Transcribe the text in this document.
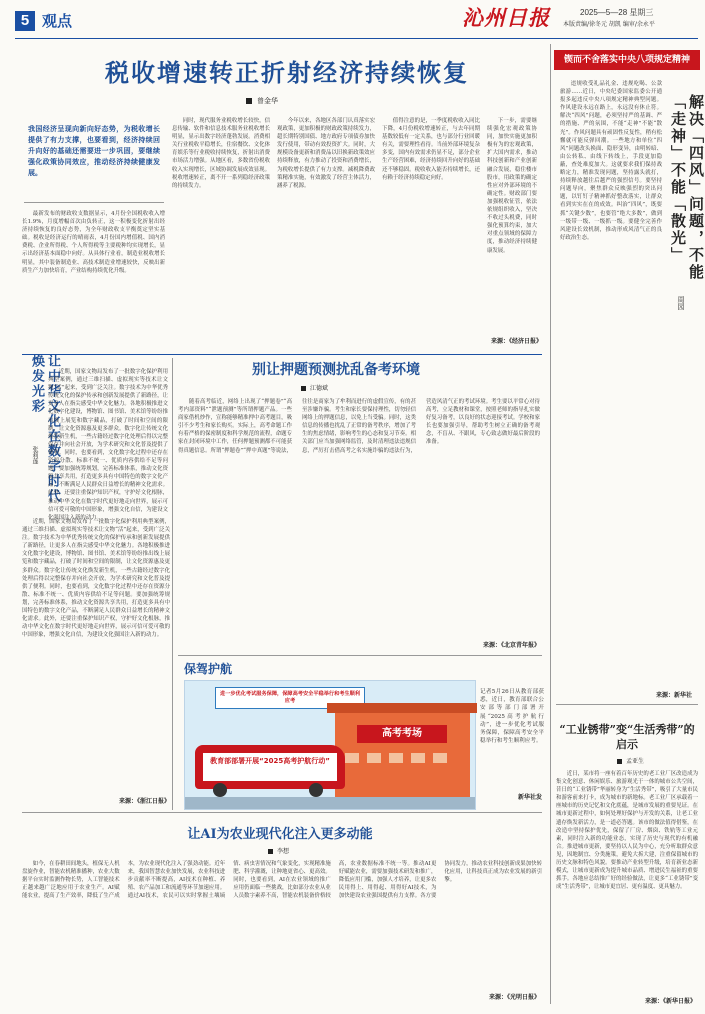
5 观点	沁州日报	2025—5—28 星期三
本版责编/徐冬元 胡凯 编审/余永平
税收增速转正折射经济持续恢复
曾金华
我国经济呈现向新向好态势，为税收增长提供了有力支撑，也要看到，经济持续回升向好的基础还需要进一步巩固，要继续强化政策协同效应，推动经济持续健康发展。

最新发布的财政收支数据显示，4月份全国税收收入增长1.9%，月度增幅首次由负转正，这一积极变化折射出经济持续恢复的良好态势，为全年财政收支平衡奠定坚实基础。税收是经济运行的晴雨表，4月份国内增值税、国内消费税、企业所得税、个人所得税等主要税种均实现增长，显示出经济基本面稳中向好。从具体行业看，制造业税收增长明显，其中装备制造业、高技术制造业增速较快，反映出新质生产力加快培育，产业结构持续优化升级。

同时，现代服务业税收增长较快，信息传输、软件和信息技术服务业税收增长明显，显示出数字经济蓬勃发展。消费相关行业税收平稳增长，住宿餐饮、文化体育娱乐等行业税收持续恢复，折射出消费市场活力增强。从地区看，多数省份税收收入实现增长，区域协调发展成效显现。税收增速转正，离不开一系列稳经济政策的持续发力。

今年以来，各地区各部门认真落实宏观政策，更加积极的财政政策持续发力，超长期特别国债、地方政府专项债券加快发行使用，带动有效投资扩大。同时，大规模设备更新和消费品以旧换新政策效应持续释放，有力推动了投资和消费增长，为税收增长提供了有力支撑。减税降费政策精准实施，有效激发了经营主体活力，涵养了税源。

值得注意的是，一季度税收收入同比下降，4月份税收增速转正，与去年同期基数较低有一定关系，也与部分行业回暖有关，需要理性看待。当前外部环境复杂多变，国内有效需求仍显不足，部分企业生产经营困难，经济持续回升向好的基础还不够稳固。税收收入能否持续增长，还有赖于经济持续稳定向好。

下一步，需要继续强化宏观政策协同，加快实施更加积极有为的宏观政策，扩大国内需求，推动科技创新和产业创新融合发展，稳住楼市股市，用政策的确定性应对外部环境的不确定性。财政部门要加强税收征管，依法依规组织收入，坚决不收过头税费，同时强化预算约束，加大对重点领域的保障力度，推动经济持续健康发展。

来源：《经济日报》
锲而不舍落实中央八项规定精神
解决「四风」问题，不能「走神」不能「散光」
周园

违规收受礼品礼金、违规吃喝、公款旅游……近日，中央纪委国家监委公开通报多起违反中央八项规定精神典型问题。作风建设永远在路上，永远没有休止符。解决“四风”问题，必须坚持严的基调、严的措施、严的氛围，不能“走神”不能“散光”。作风问题具有顽固性反复性，稍有松懈就可能反弹回潮。一些地方和单位“四风”问题改头换面、隐形变异，由明转暗、由公转私、由线下转线上，手段更加隐蔽，查处难度加大。这就要求我们保持战略定力，精准发现问题，坚持露头就打，持续释放越往后越严的强烈信号。要坚持问题导向，聚焦群众反映强烈的突出问题，以钉钉子精神抓好整改落实，让群众看到实实在在的成效。纠治“四风”，既要抓“关键少数”，也要管“绝大多数”，做到一级带一级、一级抓一级。要健全完善作风建设长效机制，推动形成风清气正的良好政治生态。

来源：新华社
别让押题预测扰乱备考环境
江德斌

随着高考临近，网络上出现了“押题卷”“高考内部资料”“泄题预测”等所谓押题产品。一些商家借机炒作，宣称能够精准押中高考题目，吸引不少考生和家长购买。实际上，高考命题工作有着严格的保密制度和科学规范的流程，命题专家在封闭环境中工作，任何押题预测都不可能获得真题信息。所谓“押题卷”“押中真题”等说法，往往是商家为了牟利而进行的虚假宣传，有的甚至涉嫌诈骗。考生和家长要保持理性，切勿轻信网络上的押题信息，以免上当受骗。同时，这类信息的传播也扰乱了正常的备考秩序，增加了考生的焦虑情绪，影响考生的心态和复习节奏。相关部门应当加强网络监管，及时清理违法违规信息，严厉打击借高考之名实施诈骗的违法行为，营造风清气正的考试环境。考生要以平常心对待高考，立足教材和课堂，按照老师的指导扎实做好复习备考，以良好的状态迎接考试。学校和家长也要加强引导，帮助考生树立正确的备考观念，不盲从、不跟风，专心致志做好最后阶段的准备。

来源：《北京青年报》
让中华文化在数字时代焕发光彩
张莉莲

近期，国家文物局发布了一批数字化保护利用典型案例，通过三维扫描、虚拟现实等技术让文物“活”起来，受到广泛关注。数字技术为中华优秀传统文化的保护传承和创新发展提供了新路径，让更多人在指尖感受中华文化魅力。各地积极推进文化数字化建设，博物馆、图书馆、美术馆等纷纷推出线上展览和数字藏品，打破了时间和空间的限制，让文化资源惠及更多群众。数字化让传统文化焕发新生机，一些古籍经过数字化处理后得以完整保存并向社会开放，为学术研究和文化普及提供了便利。同时，也要看到，文化数字化过程中还存在资源分散、标准不统一、优质内容供给不足等问题。要加强统筹规划，完善标准体系，推动文化资源共享共用，打造更多具有中国特色的数字文化产品，不断满足人民群众日益增长的精神文化需求。此外，还要注重保护知识产权，守护好文化根脉，推动中华文化在数字时代更好地走向世界，展示可信可爱可敬的中国形象，增强文化自信，为建设文化强国注入新的动力。

近期，国家文物局发布了一批数字化保护利用典型案例，通过三维扫描、虚拟现实等技术让文物“活”起来，受到广泛关注。数字技术为中华优秀传统文化的保护传承和创新发展提供了新路径，让更多人在指尖感受中华文化魅力。各地积极推进文化数字化建设，博物馆、图书馆、美术馆等纷纷推出线上展览和数字藏品，打破了时间和空间的限制，让文化资源惠及更多群众。数字化让传统文化焕发新生机，一些古籍经过数字化处理后得以完整保存并向社会开放，为学术研究和文化普及提供了便利。同时，也要看到，文化数字化过程中还存在资源分散、标准不统一、优质内容供给不足等问题。要加强统筹规划，完善标准体系，推动文化资源共享共用，打造更多具有中国特色的数字文化产品，不断满足人民群众日益增长的精神文化需求。此外，还要注重保护知识产权，守护好文化根脉，推动中华文化在数字时代更好地走向世界，展示可信可爱可敬的中国形象，增强文化自信，为建设文化强国注入新的动力。

来源：《浙江日报》
保驾护航
进一步优化考试服务保障，保障高考安全平稳举行和考生顺利应考
高考考场
教育部部署开展“2025高考护航行动”
记者5月26日从教育部获悉，近日，教育部联合公安部等部门部署开展“2025高考护航行动”，进一步优化考试服务保障，保障高考安全平稳举行和考生顺利应考。
新华社发
让AI为农业现代化注入更多动能
李想

如今，在春耕田间地头，植保无人机盘旋作业，智能农机精准播种，农业大数据平台实时监测作物长势，人工智能技术正越来越广泛地应用于农业生产。AI赋能农业，提高了生产效率，降低了生产成本，为农业现代化注入了强劲动能。近年来，我国智慧农业加快发展，农业科技进步贡献率不断提高，AI技术在种植、养殖、农产品加工和流通等环节加速应用。通过AI技术，农民可以实时掌握土壤墒情、病虫害情况和气象变化，实现精准施肥、科学灌溉，让种地更省心、更高效。同时，也要看到，AI在农业领域的推广应用仍面临一些挑战，比如部分农业从业人员数字素养不高，智能农机装备价格较高，农业数据标准不统一等。推动AI更好赋能农业，需要加强技术研发和推广，降低应用门槛，加强人才培养，让更多农民用得上、用得起、用得好AI技术，为加快建设农业强国提供有力支撑。各方要协同发力，推动农业科技创新成果加快转化应用，让科技真正成为农业发展的新引擎。

来源：《光明日报》
“工业锈带”变“生活秀带”的启示
孟亚生

近日，某市将一座有着百年历史的老工业厂区改造成为集文化创意、休闲娱乐、旅游观光于一体的城市公共空间，昔日的“工业锈带”华丽转身为“生活秀带”，吸引了大量市民和游客前来打卡，成为城市的新地标。老工业厂区承载着一座城市的历史记忆和文化底蕴，是城市发展的重要见证。在城市更新过程中，如何处理好保护与开发的关系，让老工业遗存焕发新活力，是一道必答题。该市的做法值得借鉴，在改造中坚持保护优先，保留了厂房、烟囱、铁轨等工业元素，同时注入新的功能业态，实现了历史与现代的有机融合。推进城市更新，要坚持以人民为中心，充分听取群众意见，因地制宜、分类施策，避免大拆大建，注重保留城市的历史文脉和特色风貌。要推动产业转型升级，培育新业态新模式，让城市更新成为提升城市品质、增进民生福祉的重要抓手。各地应总结推广好的经验做法，让更多“工业锈带”变成“生活秀带”，让城市更宜居、更有温度、更具魅力。

来源：《新华日报》
